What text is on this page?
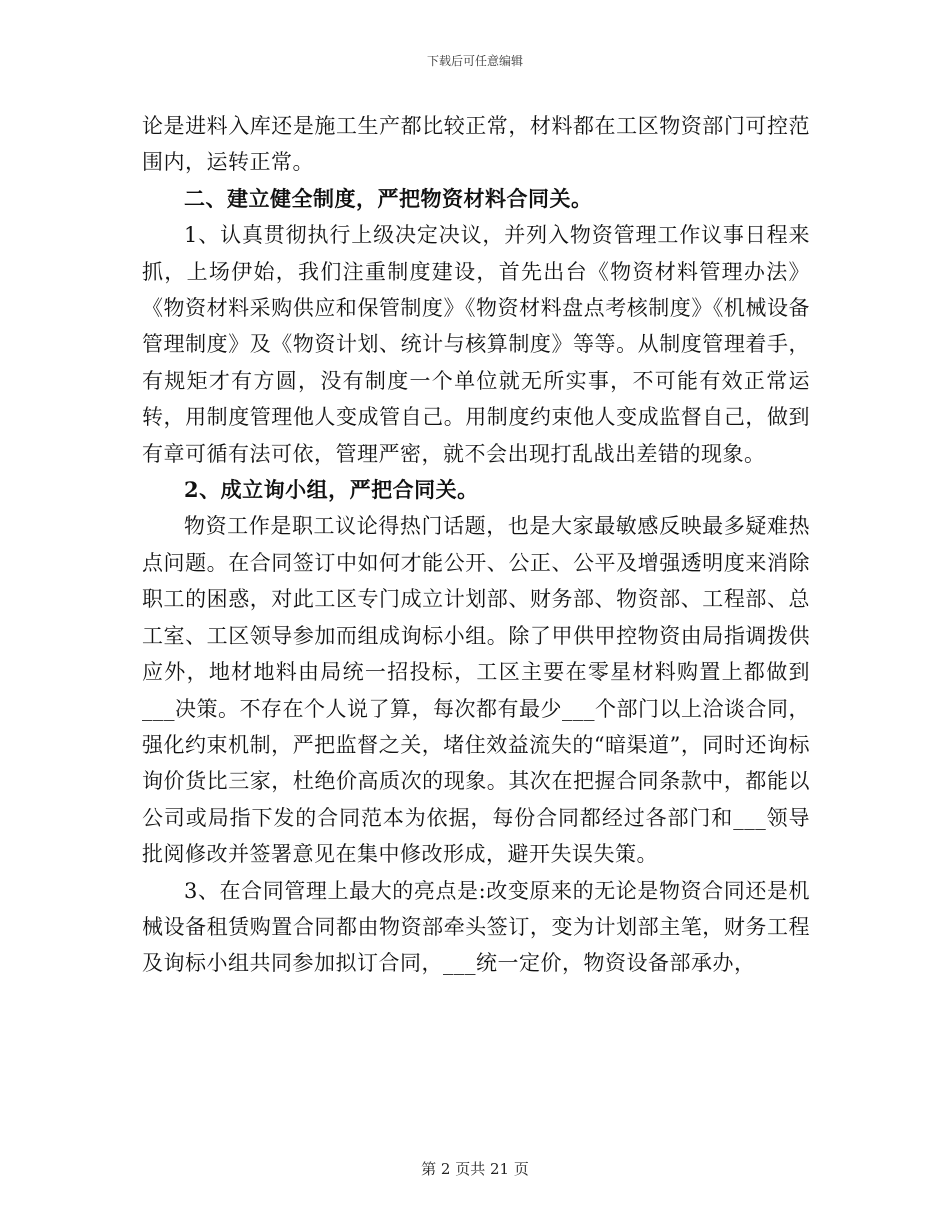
下载后可任意编辑

论是进料入库还是施工生产都比较正常，材料都在工区物资部门可控范围内，运转正常。

二、建立健全制度，严把物资材料合同关。

1、认真贯彻执行上级决定决议，并列入物资管理工作议事日程来抓，上场伊始，我们注重制度建设，首先出台《物资材料管理办法》《物资材料采购供应和保管制度》《物资材料盘点考核制度》《机械设备管理制度》及《物资计划、统计与核算制度》等等。从制度管理着手，有规矩才有方圆，没有制度一个单位就无所实事，不可能有效正常运转，用制度管理他人变成管自己。用制度约束他人变成监督自己，做到有章可循有法可依，管理严密，就不会出现打乱战出差错的现象。

2、成立询小组，严把合同关。

物资工作是职工议论得热门话题，也是大家最敏感反映最多疑难热点问题。在合同签订中如何才能公开、公正、公平及增强透明度来消除职工的困惑，对此工区专门成立计划部、财务部、物资部、工程部、总工室、工区领导参加而组成询标小组。除了甲供甲控物资由局指调拨供应外，地材地料由局统一招投标，工区主要在零星材料购置上都做到___决策。不存在个人说了算，每次都有最少___个部门以上洽谈合同，强化约束机制，严把监督之关，堵住效益流失的“暗渠道”，同时还询标询价货比三家，杜绝价高质次的现象。其次在把握合同条款中，都能以公司或局指下发的合同范本为依据，每份合同都经过各部门和___领导批阅修改并签署意见在集中修改形成，避开失误失策。

3、在合同管理上最大的亮点是:改变原来的无论是物资合同还是机械设备租赁购置合同都由物资部牵头签订，变为计划部主笔，财务工程及询标小组共同参加拟订合同，___统一定价，物资设备部承办，

第 2 页共 21 页
